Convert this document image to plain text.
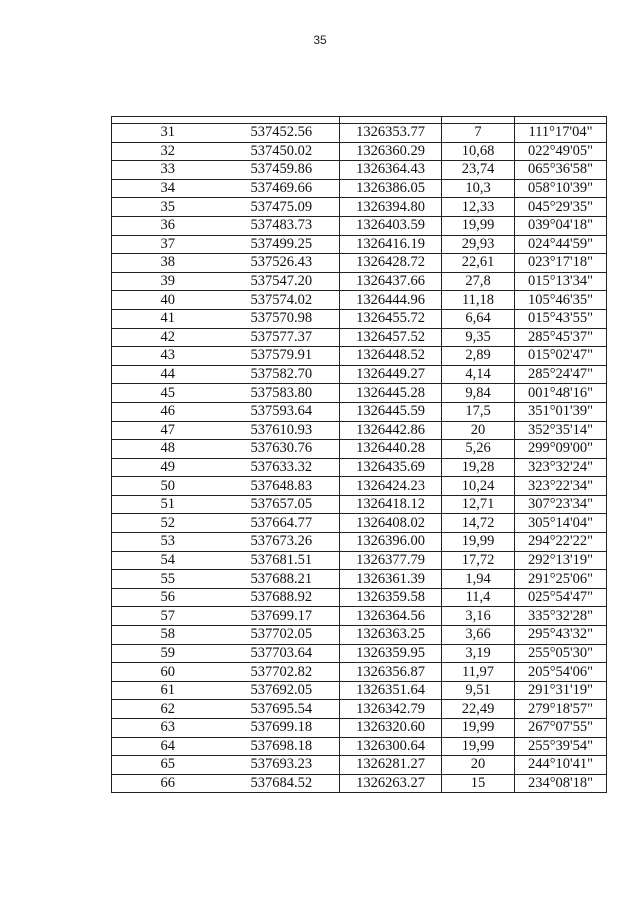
35

31	537452.56	1326353.77	7	111°17'04"
32	537450.02	1326360.29	10,68	022°49'05"
33	537459.86	1326364.43	23,74	065°36'58"
34	537469.66	1326386.05	10,3	058°10'39"
35	537475.09	1326394.80	12,33	045°29'35"
36	537483.73	1326403.59	19,99	039°04'18"
37	537499.25	1326416.19	29,93	024°44'59"
38	537526.43	1326428.72	22,61	023°17'18"
39	537547.20	1326437.66	27,8	015°13'34"
40	537574.02	1326444.96	11,18	105°46'35"
41	537570.98	1326455.72	6,64	015°43'55"
42	537577.37	1326457.52	9,35	285°45'37"
43	537579.91	1326448.52	2,89	015°02'47"
44	537582.70	1326449.27	4,14	285°24'47"
45	537583.80	1326445.28	9,84	001°48'16"
46	537593.64	1326445.59	17,5	351°01'39"
47	537610.93	1326442.86	20	352°35'14"
48	537630.76	1326440.28	5,26	299°09'00"
49	537633.32	1326435.69	19,28	323°32'24"
50	537648.83	1326424.23	10,24	323°22'34"
51	537657.05	1326418.12	12,71	307°23'34"
52	537664.77	1326408.02	14,72	305°14'04"
53	537673.26	1326396.00	19,99	294°22'22"
54	537681.51	1326377.79	17,72	292°13'19"
55	537688.21	1326361.39	1,94	291°25'06"
56	537688.92	1326359.58	11,4	025°54'47"
57	537699.17	1326364.56	3,16	335°32'28"
58	537702.05	1326363.25	3,66	295°43'32"
59	537703.64	1326359.95	3,19	255°05'30"
60	537702.82	1326356.87	11,97	205°54'06"
61	537692.05	1326351.64	9,51	291°31'19"
62	537695.54	1326342.79	22,49	279°18'57"
63	537699.18	1326320.60	19,99	267°07'55"
64	537698.18	1326300.64	19,99	255°39'54"
65	537693.23	1326281.27	20	244°10'41"
66	537684.52	1326263.27	15	234°08'18"
